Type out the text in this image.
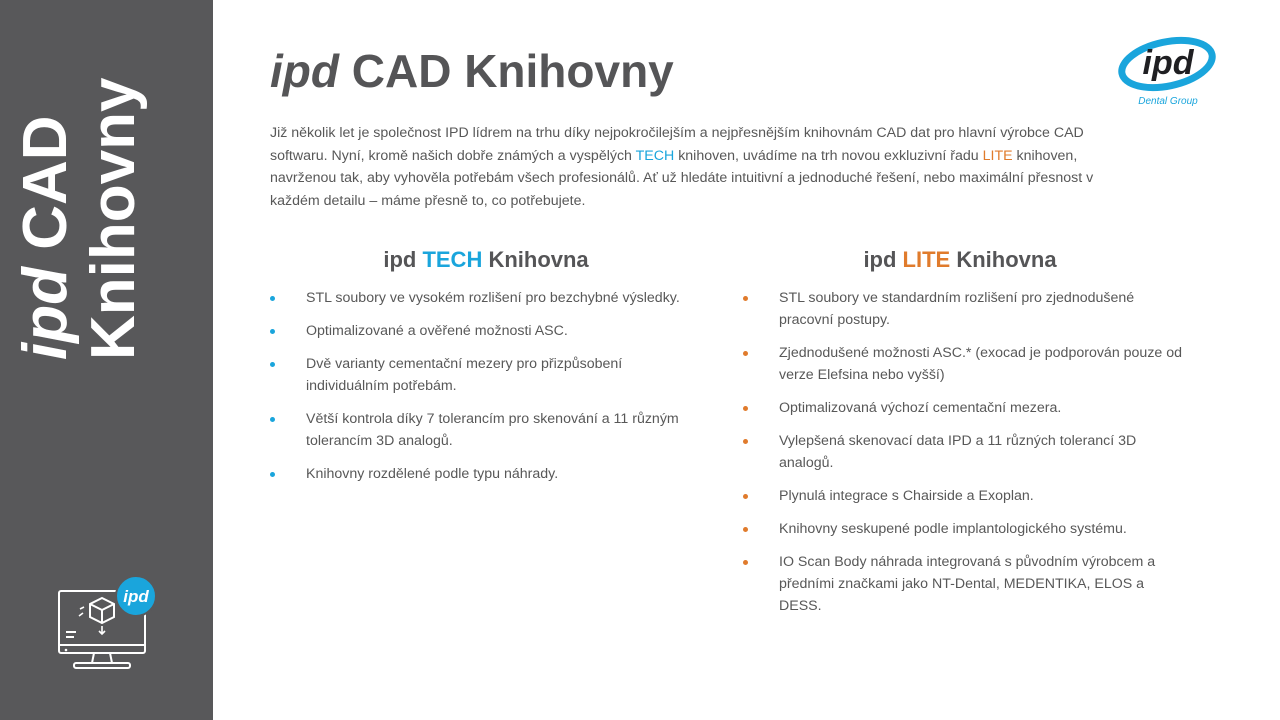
ipd CAD Knihovny
ipd
ipd CAD Knihovny	ipd
Dental Group

Již několik let je společnost IPD lídrem na trhu díky nejpokročilejším a nejpřesnějším knihovnám CAD dat pro hlavní výrobce CAD softwaru. Nyní, kromě našich dobře známých a vyspělých TECH knihoven, uvádíme na trh novou exkluzivní řadu LITE knihoven, navrženou tak, aby vyhověla potřebám všech profesionálů. Ať už hledáte intuitivní a jednoduché řešení, nebo maximální přesnost v každém detailu – máme přesně to, co potřebujete.

ipd TECH Knihovna
STL soubory ve vysokém rozlišení pro bezchybné výsledky.
Optimalizované a ověřené možnosti ASC.
Dvě varianty cementační mezery pro přizpůsobení individuálním potřebám.
Větší kontrola díky 7 tolerancím pro skenování a 11 různým tolerancím 3D analogů.
Knihovny rozdělené podle typu náhrady.
ipd LITE Knihovna
STL soubory ve standardním rozlišení pro zjednodušené pracovní postupy.
Zjednodušené možnosti ASC.* (exocad je podporován pouze od verze Elefsina nebo vyšší)
Optimalizovaná výchozí cementační mezera.
Vylepšená skenovací data IPD a 11 různých tolerancí 3D analogů.
Plynulá integrace s Chairside a Exoplan.
Knihovny seskupené podle implantologického systému.
IO Scan Body náhrada integrovaná s původním výrobcem a předními značkami jako NT-Dental, MEDENTIKA, ELOS a DESS.
